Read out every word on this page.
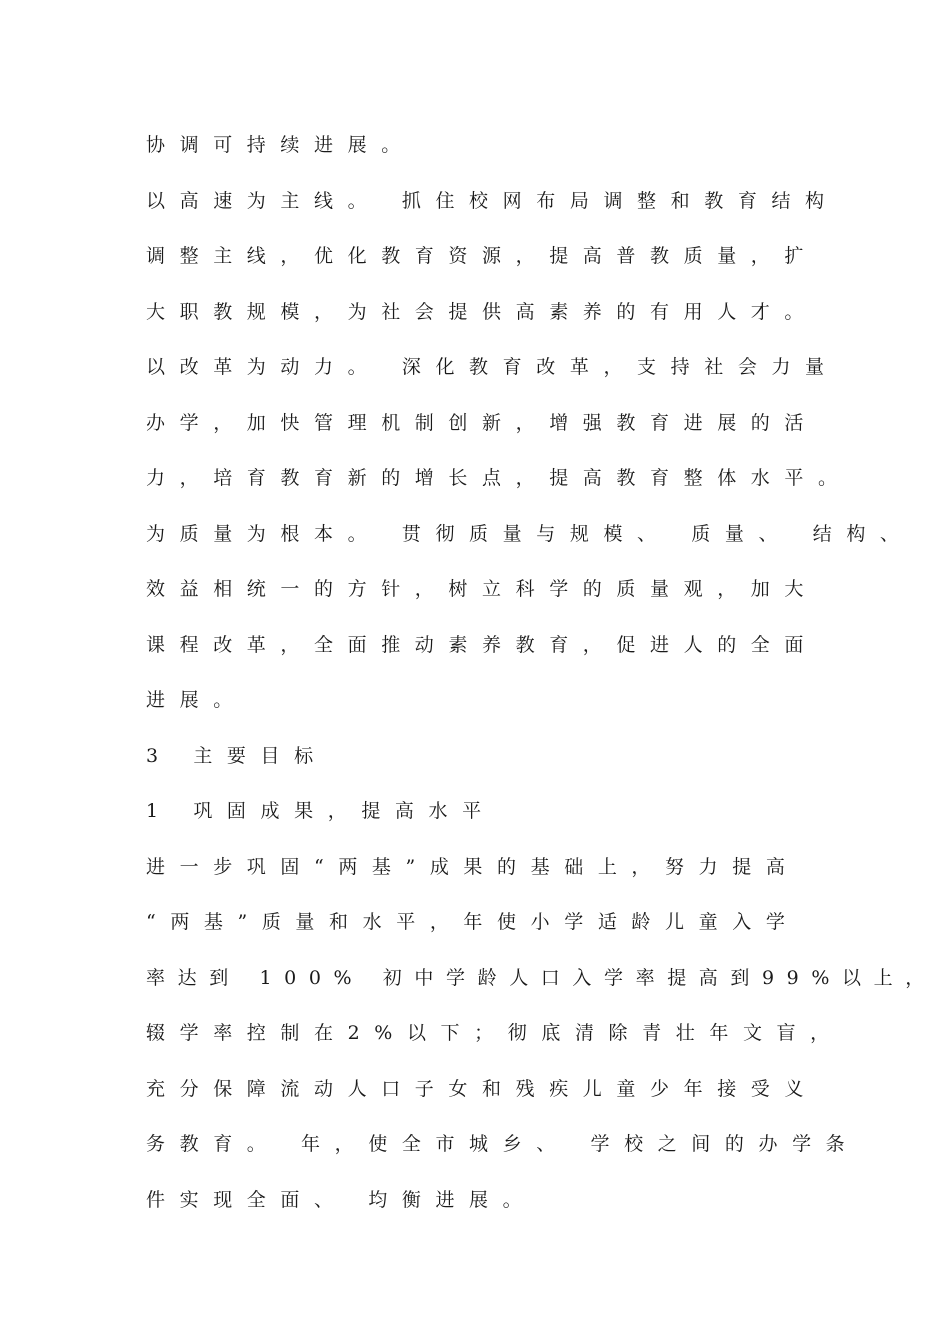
协调可持续进展。
以高速为主线。 抓住校网布局调整和教育结构
调整主线，优化教育资源，提高普教质量，扩
大职教规模，为社会提供高素养的有用人才。
以改革为动力。 深化教育改革，支持社会力量
办学，加快管理机制创新，增强教育进展的活
力，培育教育新的增长点，提高教育整体水平。
为质量为根本。 贯彻质量与规模、 质量、 结构、
效益相统一的方针，树立科学的质量观，加大
课程改革，全面推动素养教育，促进人的全面
进展。
3 主要目标
1 巩固成果，提高水平
进一步巩固“两基”成果的基础上，努力提高
“两基”质量和水平，年使小学适龄儿童入学
率达到 100% 初中学龄人口入学率提高到99%以上，
辍学率控制在2%以下；彻底清除青壮年文盲，
充分保障流动人口子女和残疾儿童少年接受义
务教育。 年，使全市城乡、 学校之间的办学条
件实现全面、 均衡进展。
